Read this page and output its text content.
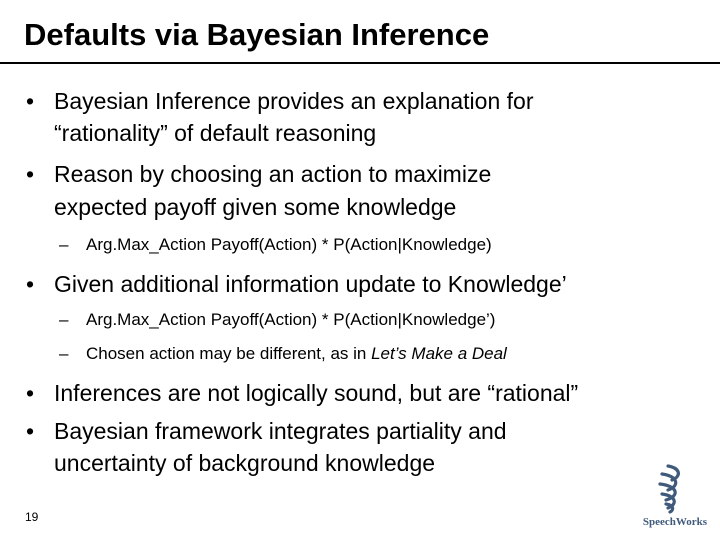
Defaults via Bayesian Inference
• Bayesian Inference provides an explanation for
“rationality” of default reasoning
• Reason by choosing an action to maximize
expected payoff given some knowledge
– Arg.Max_Action Payoff(Action) * P(Action|Knowledge)
• Given additional information update to Knowledge’
– Arg.Max_Action Payoff(Action) * P(Action|Knowledge’)
– Chosen action may be different, as in Let’s Make a Deal
• Inferences are not logically sound, but are “rational”
• Bayesian framework integrates partiality and
uncertainty of background knowledge
19	SpeechWorks
